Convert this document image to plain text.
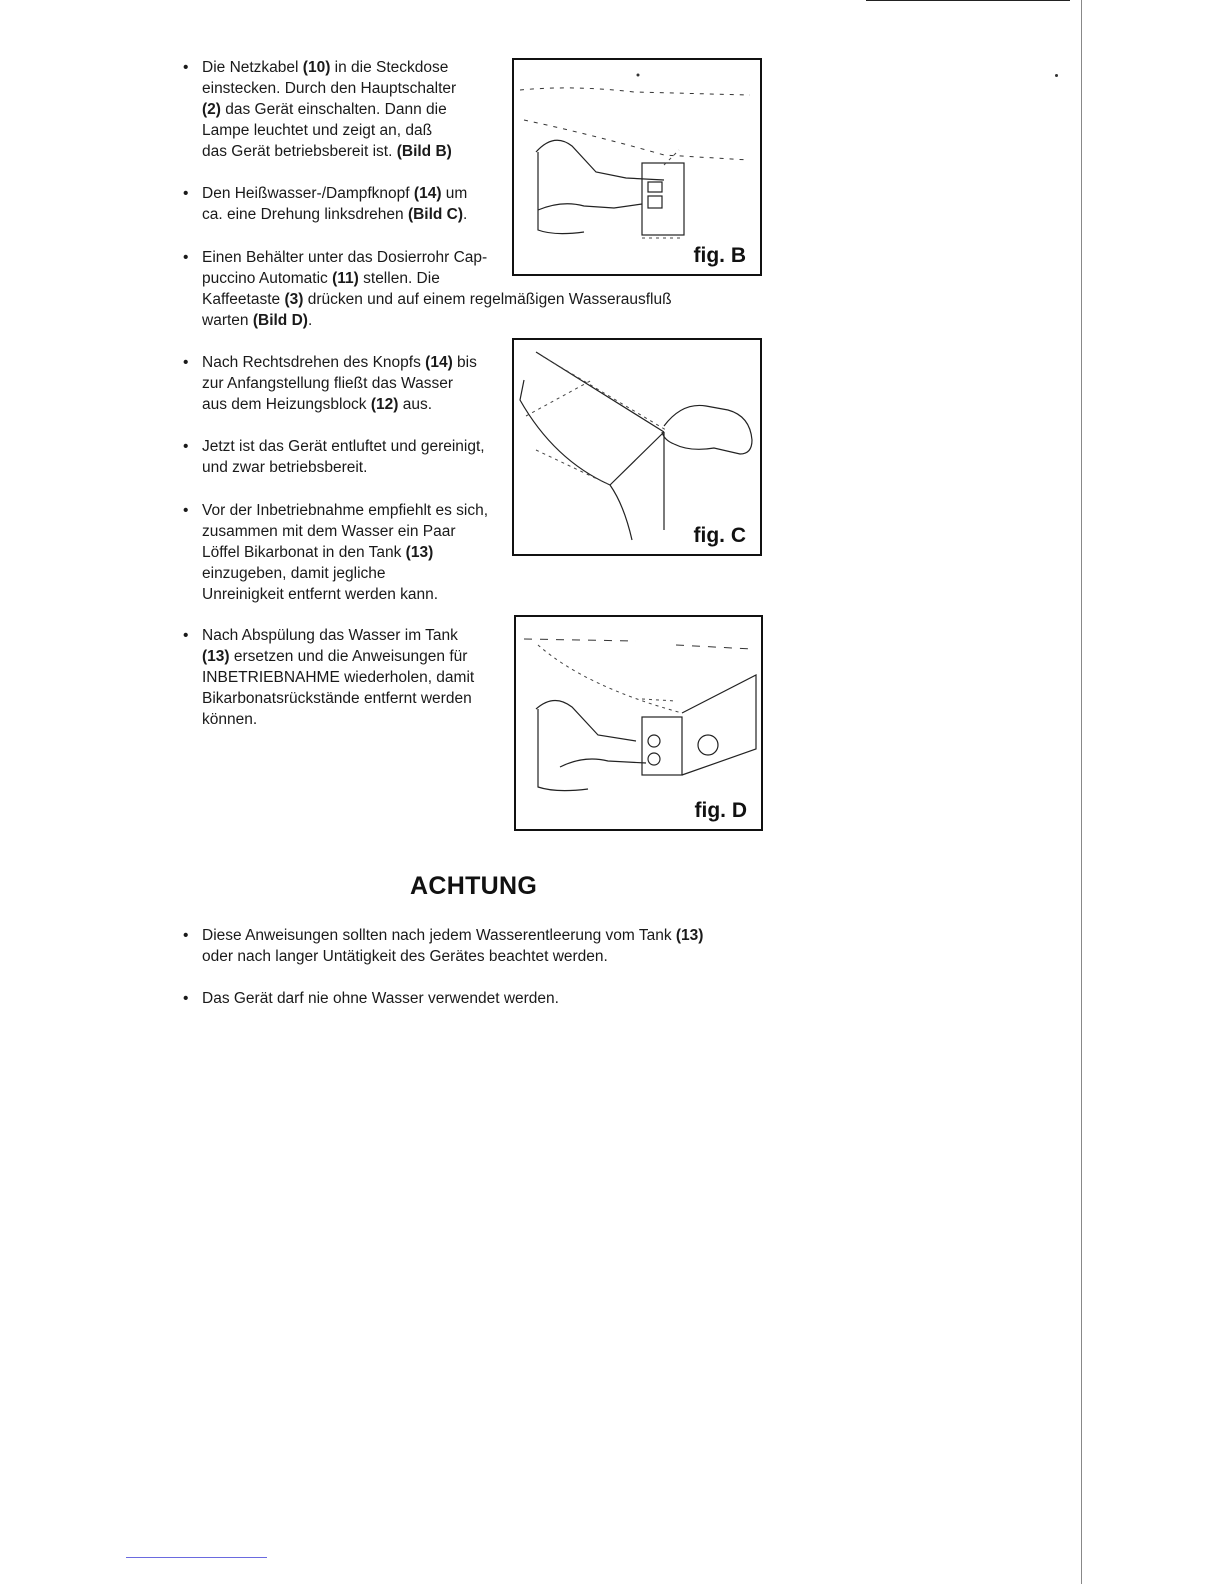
• Die Netzkabel (10) in die Steckdose
einstecken. Durch den Hauptschalter
(2) das Gerät einschalten. Dann die
Lampe leuchtet und zeigt an, daß
das Gerät betriebsbereit ist. (Bild B)
• Den Heißwasser-/Dampfknopf (14) um
ca. eine Drehung linksdrehen (Bild C).
• Einen Behälter unter das Dosierrohr Cap-
puccino Automatic (11) stellen. Die
Kaffeetaste (3) drücken und auf einem regelmäßigen Wasserausfluß
warten (Bild D).
• Nach Rechtsdrehen des Knopfs (14) bis
zur Anfangstellung fließt das Wasser
aus dem Heizungsblock (12) aus.
• Jetzt ist das Gerät entluftet und gereinigt,
und zwar betriebsbereit.
• Vor der Inbetriebnahme empfiehlt es sich,
zusammen mit dem Wasser ein Paar
Löffel Bikarbonat in den Tank (13)
einzugeben, damit jegliche
Unreinigkeit entfernt werden kann.
• Nach Abspülung das Wasser im Tank
(13) ersetzen und die Anweisungen für
INBETRIEBNAHME wiederholen, damit
Bikarbonatsrückstände entfernt werden
können.
fig. B
fig. C
fig. D
ACHTUNG
• Diese Anweisungen sollten nach jedem Wasserentleerung vom Tank (13)
oder nach langer Untätigkeit des Gerätes beachtet werden.
• Das Gerät darf nie ohne Wasser verwendet werden.
